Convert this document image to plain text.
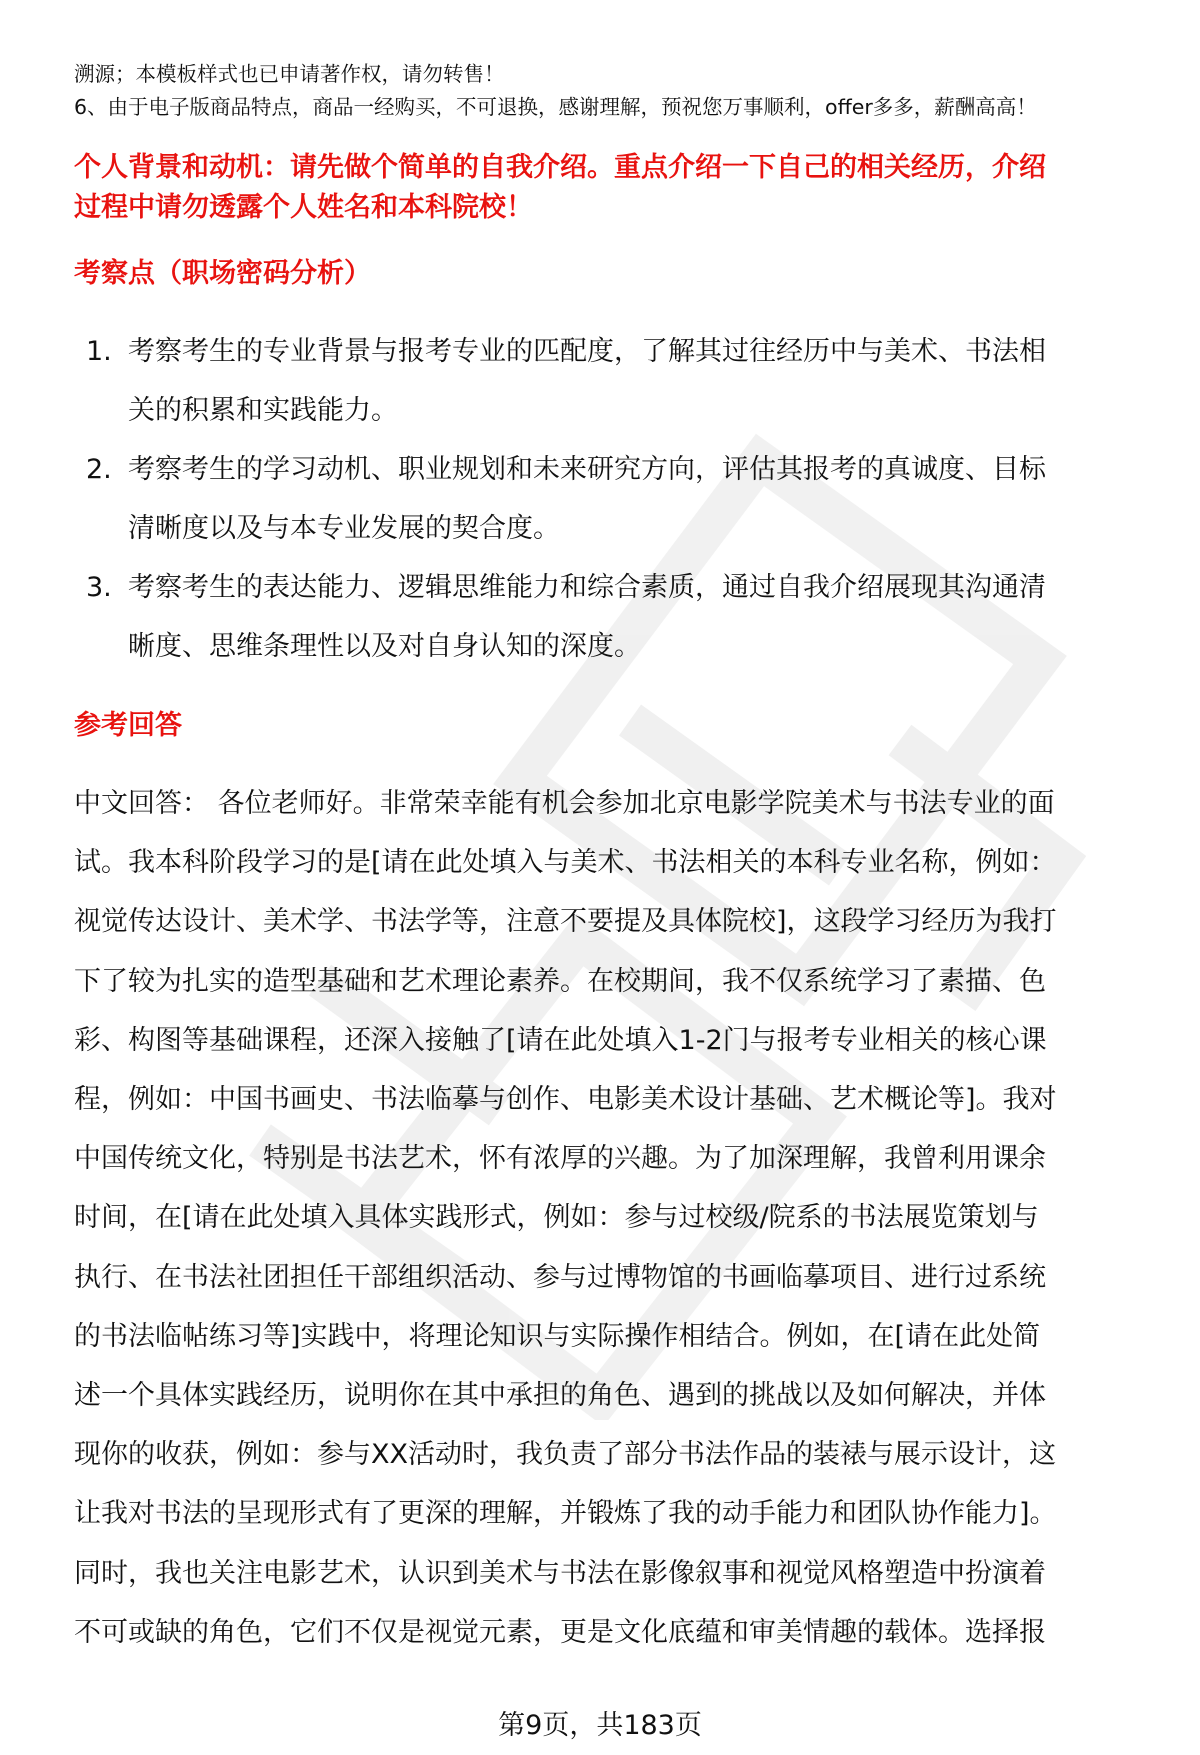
溯源；本模板样式也已申请著作权，请勿转售！

6、由于电子版商品特点，商品一经购买，不可退换，感谢理解，预祝您万事顺利，offer多多，薪酬高高！

个人背景和动机：请先做个简单的自我介绍。重点介绍一下自己的相关经历，介绍
过程中请勿透露个人姓名和本科院校！
考察点（职场密码分析）
1. 考察考生的专业背景与报考专业的匹配度，了解其过往经历中与美术、书法相
关的积累和实践能力。
2. 考察考生的学习动机、职业规划和未来研究方向，评估其报考的真诚度、目标
清晰度以及与本专业发展的契合度。
3. 考察考生的表达能力、逻辑思维能力和综合素质，通过自我介绍展现其沟通清
晰度、思维条理性以及对自身认知的深度。
参考回答
中文回答： 各位老师好。非常荣幸能有机会参加北京电影学院美术与书法专业的面
试。我本科阶段学习的是[请在此处填入与美术、书法相关的本科专业名称，例如：
视觉传达设计、美术学、书法学等，注意不要提及具体院校]，这段学习经历为我打
下了较为扎实的造型基础和艺术理论素养。在校期间，我不仅系统学习了素描、色
彩、构图等基础课程，还深入接触了[请在此处填入1-2门与报考专业相关的核心课
程，例如：中国书画史、书法临摹与创作、电影美术设计基础、艺术概论等]。我对
中国传统文化，特别是书法艺术，怀有浓厚的兴趣。为了加深理解，我曾利用课余
时间，在[请在此处填入具体实践形式，例如：参与过校级/院系的书法展览策划与
执行、在书法社团担任干部组织活动、参与过博物馆的书画临摹项目、进行过系统
的书法临帖练习等]实践中，将理论知识与实际操作相结合。例如，在[请在此处简
述一个具体实践经历，说明你在其中承担的角色、遇到的挑战以及如何解决，并体
现你的收获，例如：参与XX活动时，我负责了部分书法作品的装裱与展示设计，这
让我对书法的呈现形式有了更深的理解，并锻炼了我的动手能力和团队协作能力]。
同时，我也关注电影艺术，认识到美术与书法在影像叙事和视觉风格塑造中扮演着
不可或缺的角色，它们不仅是视觉元素，更是文化底蕴和审美情趣的载体。选择报
第9页，共183页
